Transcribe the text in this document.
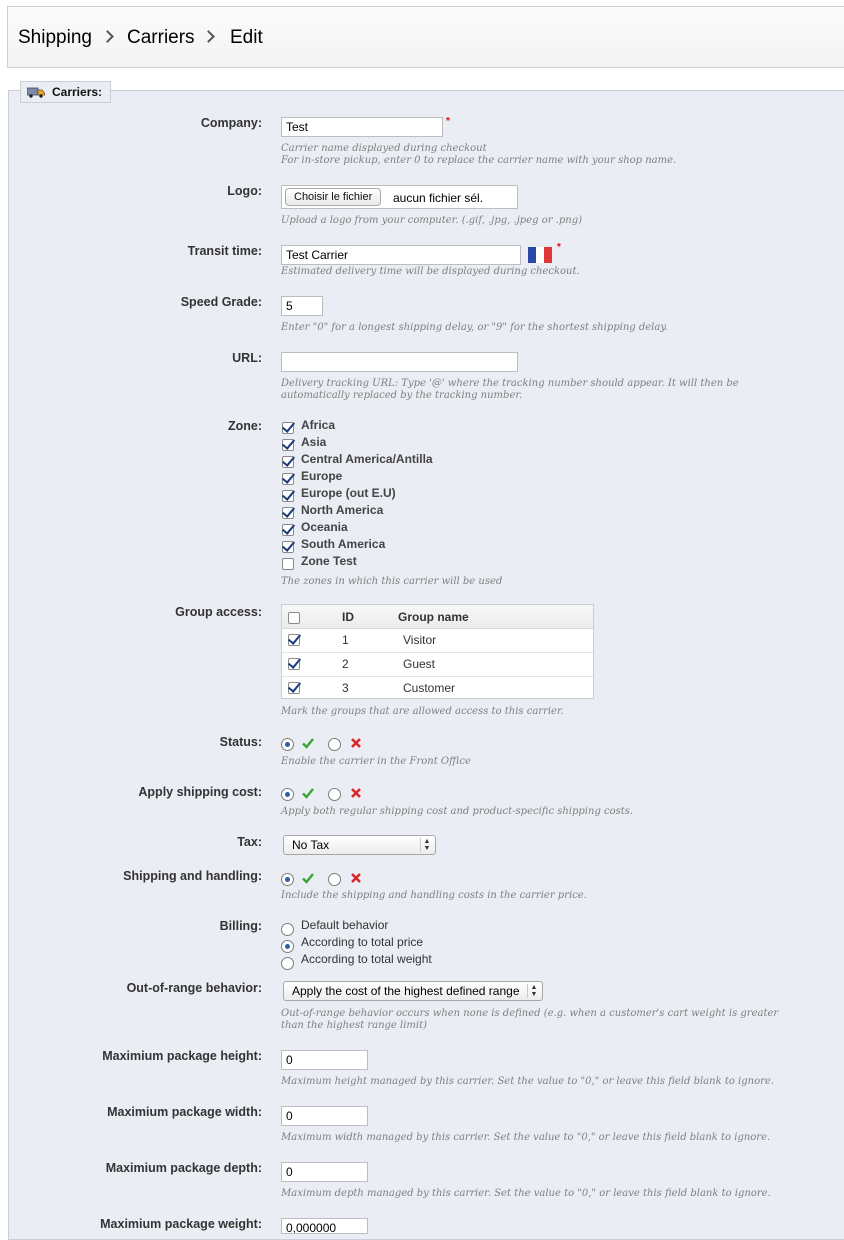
Shipping Carriers Edit
Carriers:
Company:	Test	*
Carrier name displayed during checkout
For in-store pickup, enter 0 to replace the carrier name with your shop name.
Logo:	Choisir le fichier	aucun fichier sél.
Upload a logo from your computer. (.gif, .jpg, .jpeg or .png)
Transit time:	Test Carrier
*
Estimated delivery time will be displayed during checkout.
Speed Grade:	5
Enter "0" for a longest shipping delay, or "9" for the shortest shipping delay.
URL:
Delivery tracking URL: Type '@' where the tracking number should appear. It will then be
automatically replaced by the tracking number.
Zone:	Africa
Asia
Central America/Antilla
Europe
Europe (out E.U)
North America
Oceania
South America
Zone Test
The zones in which this carrier will be used
Group access:	ID	Group name
1	Visitor
2	Guest
3	Customer
Mark the groups that are allowed access to this carrier.
Status:
Enable the carrier in the Front Office
Apply shipping cost:
Apply both regular shipping cost and product-specific shipping costs.
Tax:	No Tax	▲
▼
Shipping and handling:
Include the shipping and handling costs in the carrier price.
Billing:	Default behavior
According to total price
According to total weight
Out-of-range behavior:	Apply the cost of the highest defined range	▲
▼
Out-of-range behavior occurs when none is defined (e.g. when a customer's cart weight is greater
than the highest range limit)
Maximium package height:	0
Maximum height managed by this carrier. Set the value to "0," or leave this field blank to ignore.
Maximium package width:	0
Maximum width managed by this carrier. Set the value to "0," or leave this field blank to ignore.
Maximium package depth:	0
Maximum depth managed by this carrier. Set the value to "0," or leave this field blank to ignore.
Maximium package weight:	0,000000
